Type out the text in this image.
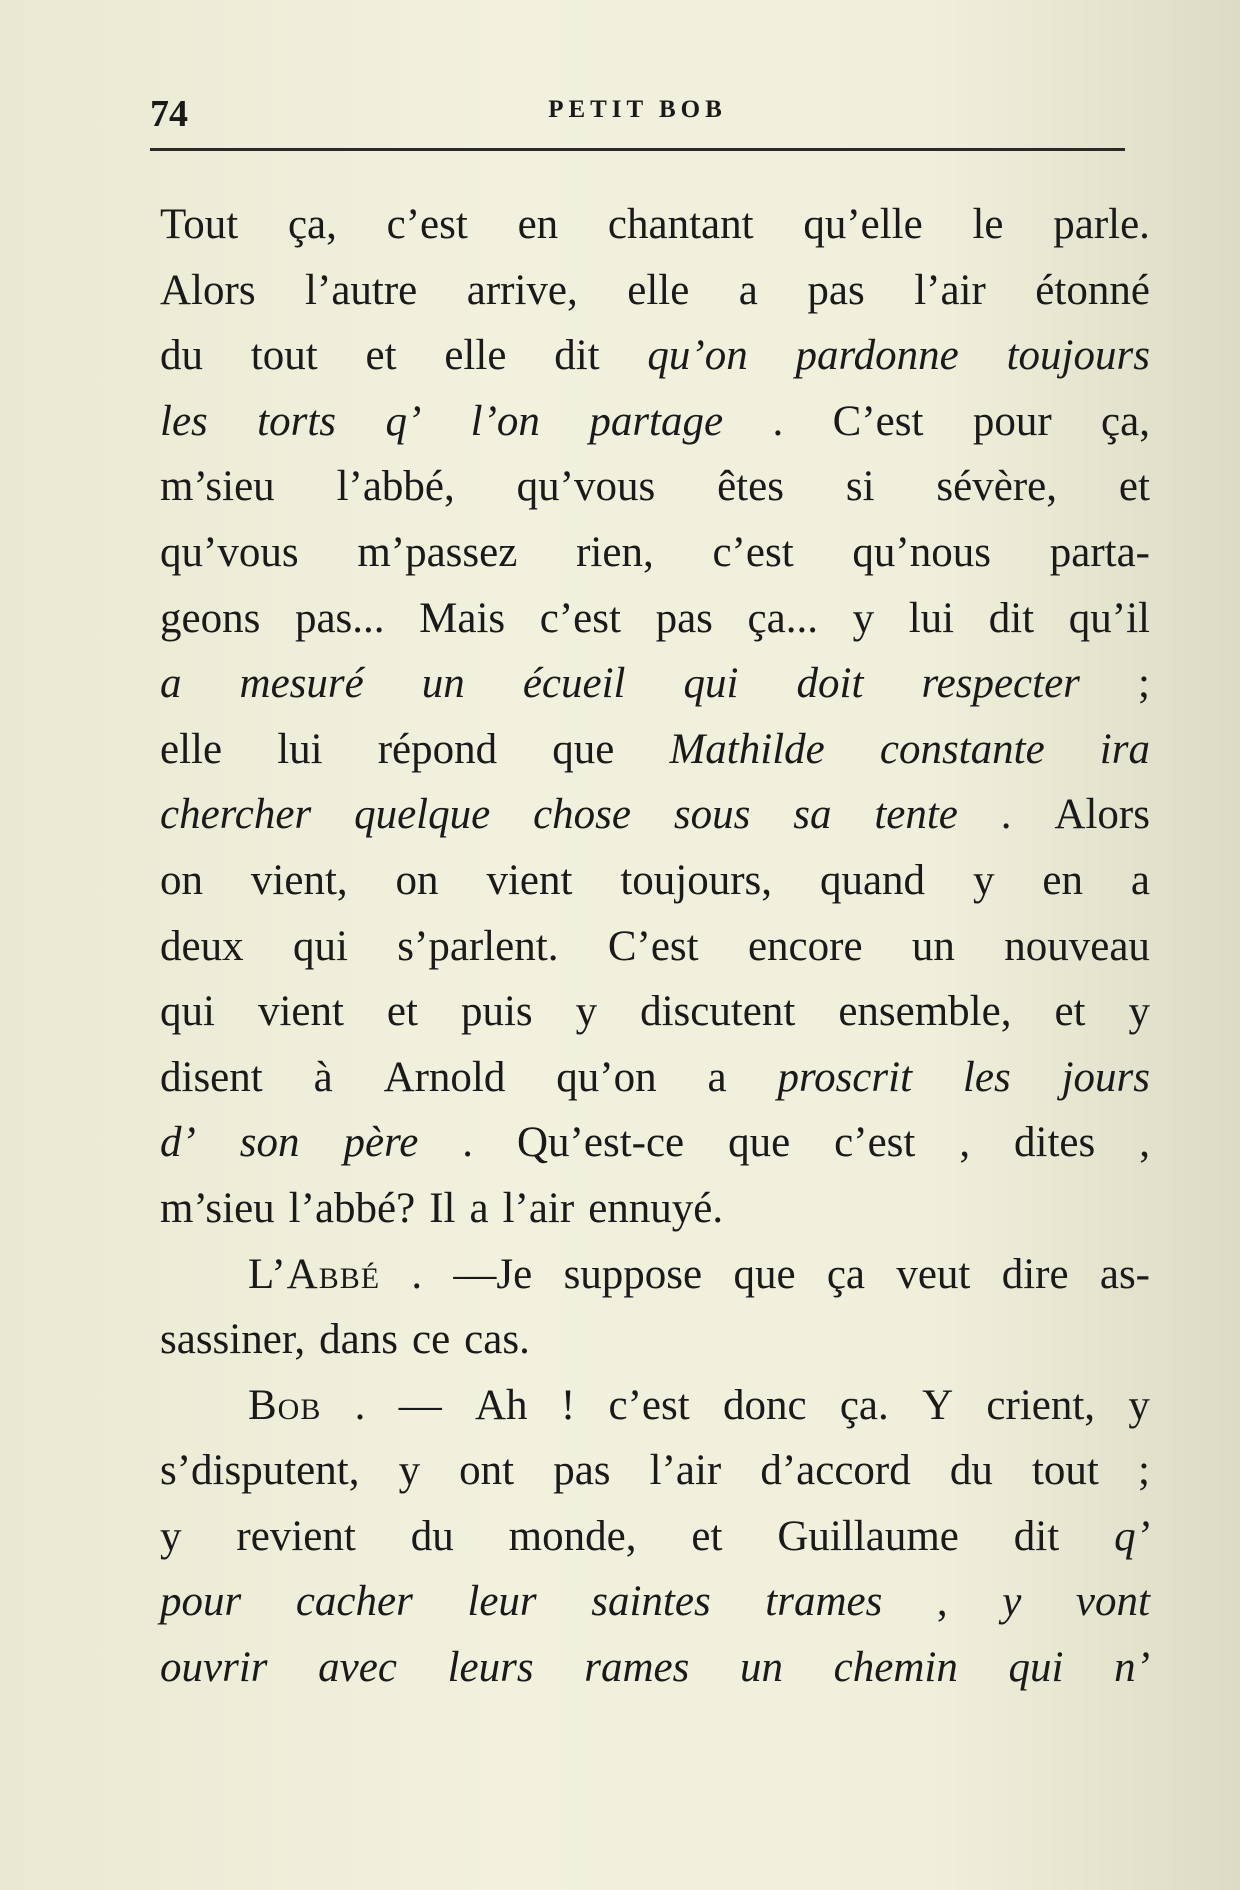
74	PETIT BOB
Tout ça, c’est en chantant qu’elle le parle.
Alors l’autre arrive, elle a pas l’air étonné
du tout et elle dit qu’on pardonne toujours
les torts q’ l’on partage . C’est pour ça,
m’sieu l’abbé, qu’vous êtes si sévère, et
qu’vous m’passez rien, c’est qu’nous parta-
geons pas... Mais c’est pas ça... y lui dit qu’il
a mesuré un écueil qui doit respecter ;
elle lui répond que Mathilde constante ira
chercher quelque chose sous sa tente . Alors
on vient, on vient toujours, quand y en a
deux qui s’parlent. C’est encore un nouveau
qui vient et puis y discutent ensemble, et y
disent à Arnold qu’on a proscrit les jours
d’ son père . Qu’est-ce que c’est , dites ,
m’sieu l’abbé? Il a l’air ennuyé.
L’Abbé . —Je suppose que ça veut dire as-
sassiner, dans ce cas.
Bob . — Ah ! c’est donc ça. Y crient, y
s’disputent, y ont pas l’air d’accord du tout ;
y revient du monde, et Guillaume dit q’
pour cacher leur saintes trames , y vont
ouvrir avec leurs rames un chemin qui n’
